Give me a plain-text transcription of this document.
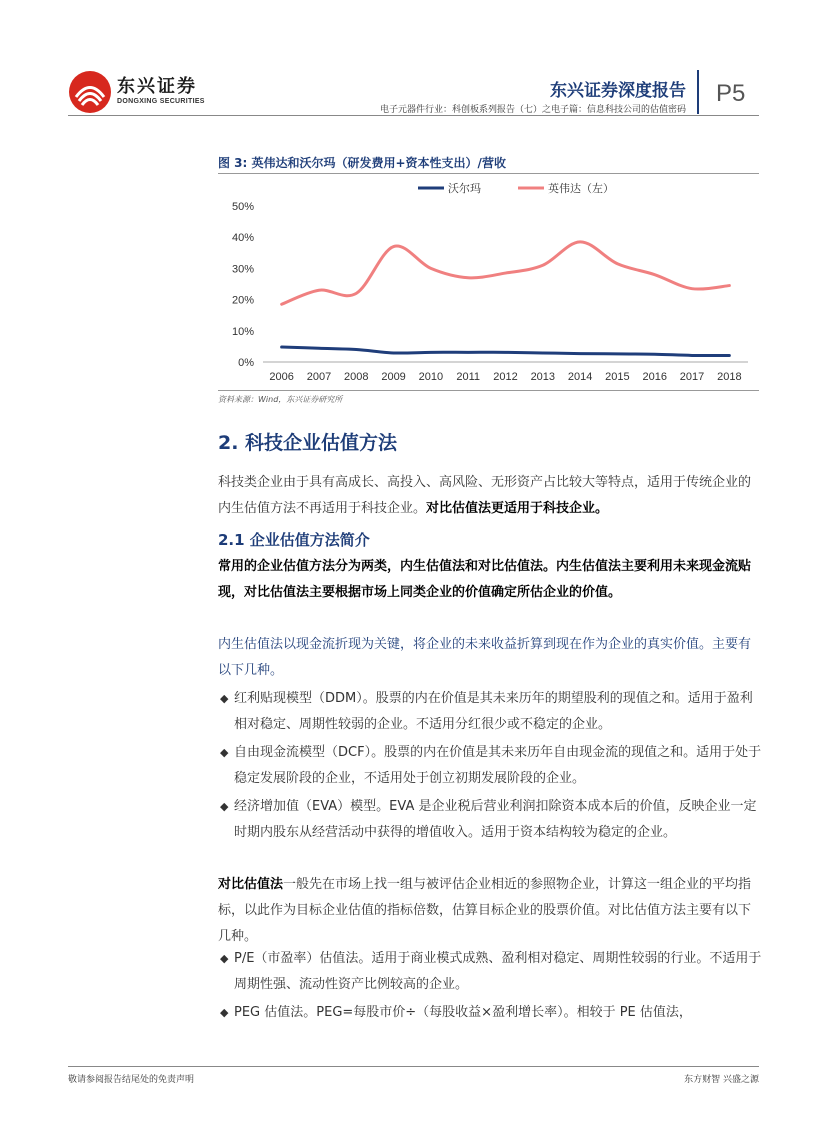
东兴证券
DONGXING SECURITIES
东兴证券深度报告
电子元器件行业：科创板系列报告（七）之电子篇：信息科技公司的估值密码
P5
图 3: 英伟达和沃尔玛（研发费用+资本性支出）/营收
沃尔玛	英伟达（左）
0%
10%
20%
30%
40%
50%
2006 2007 2008 2009 2010 2011 2012 2013 2014 2015 2016 2017 2018
资料来源：Wind，东兴证券研究所
2. 科技企业估值方法
科技类企业由于具有高成长、高投入、高风险、无形资产占比较大等特点，适用于传统企业的内生估值方法不再适用于科技企业。对比估值法更适用于科技企业。
2.1 企业估值方法简介
常用的企业估值方法分为两类，内生估值法和对比估值法。内生估值法主要利用未来现金流贴现，对比估值法主要根据市场上同类企业的价值确定所估企业的价值。
内生估值法以现金流折现为关键，将企业的未来收益折算到现在作为企业的真实价值。主要有以下几种。
◆ 红利贴现模型（DDM）。股票的内在价值是其未来历年的期望股利的现值之和。适用于盈利相对稳定、周期性较弱的企业。不适用分红很少或不稳定的企业。
◆ 自由现金流模型（DCF）。股票的内在价值是其未来历年自由现金流的现值之和。适用于处于稳定发展阶段的企业，不适用处于创立初期发展阶段的企业。
◆ 经济增加值（EVA）模型。EVA 是企业税后营业利润扣除资本成本后的价值，反映企业一定时期内股东从经营活动中获得的增值收入。适用于资本结构较为稳定的企业。
对比估值法一般先在市场上找一组与被评估企业相近的参照物企业，计算这一组企业的平均指标，以此作为目标企业估值的指标倍数，估算目标企业的股票价值。对比估值方法主要有以下几种。
◆ P/E（市盈率）估值法。适用于商业模式成熟、盈利相对稳定、周期性较弱的行业。不适用于周期性强、流动性资产比例较高的企业。
◆ PEG 估值法。PEG=每股市价÷（每股收益×盈利增长率）。相较于 PE 估值法，
敬请参阅报告结尾处的免责声明	东方财智 兴盛之源
